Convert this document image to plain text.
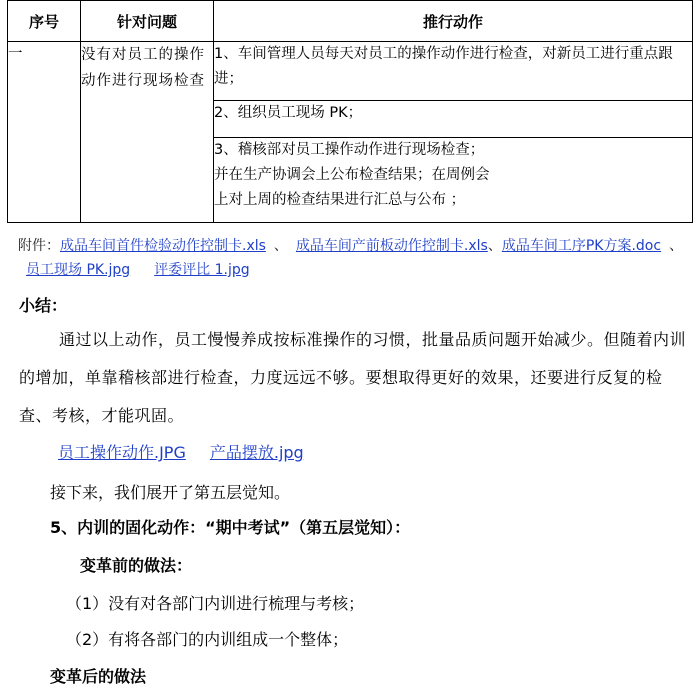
序号	针对问题	推行动作
一	没有对员工的操作动作进行现场检查	1、车间管理人员每天对员工的操作动作进行检查，对新员工进行重点跟进；
		2、组织员工现场 PK；

		3、稽核部对员工操作动作进行现场检查；
并在生产协调会上公布检查结果；在周例会
上对上周的检查结果进行汇总与公布 ；
附件：成品车间首件检验动作控制卡.xls 、 成品车间产前板动作控制卡.xls、成品车间工序PK方案.doc 、员工现场 PK.jpg 评委评比 1.jpg
小结：
通过以上动作，员工慢慢养成按标准操作的习惯，批量品质问题开始减少。但随着内训的增加，单靠稽核部进行检查，力度远远不够。要想取得更好的效果，还要进行反复的检查、考核，才能巩固。
员工操作动作.JPG 产品摆放.jpg
接下来，我们展开了第五层觉知。
5、内训的固化动作：“期中考试”（第五层觉知）：
变革前的做法：
（1）没有对各部门内训进行梳理与考核；
（2）有将各部门的内训组成一个整体；
变革后的做法
